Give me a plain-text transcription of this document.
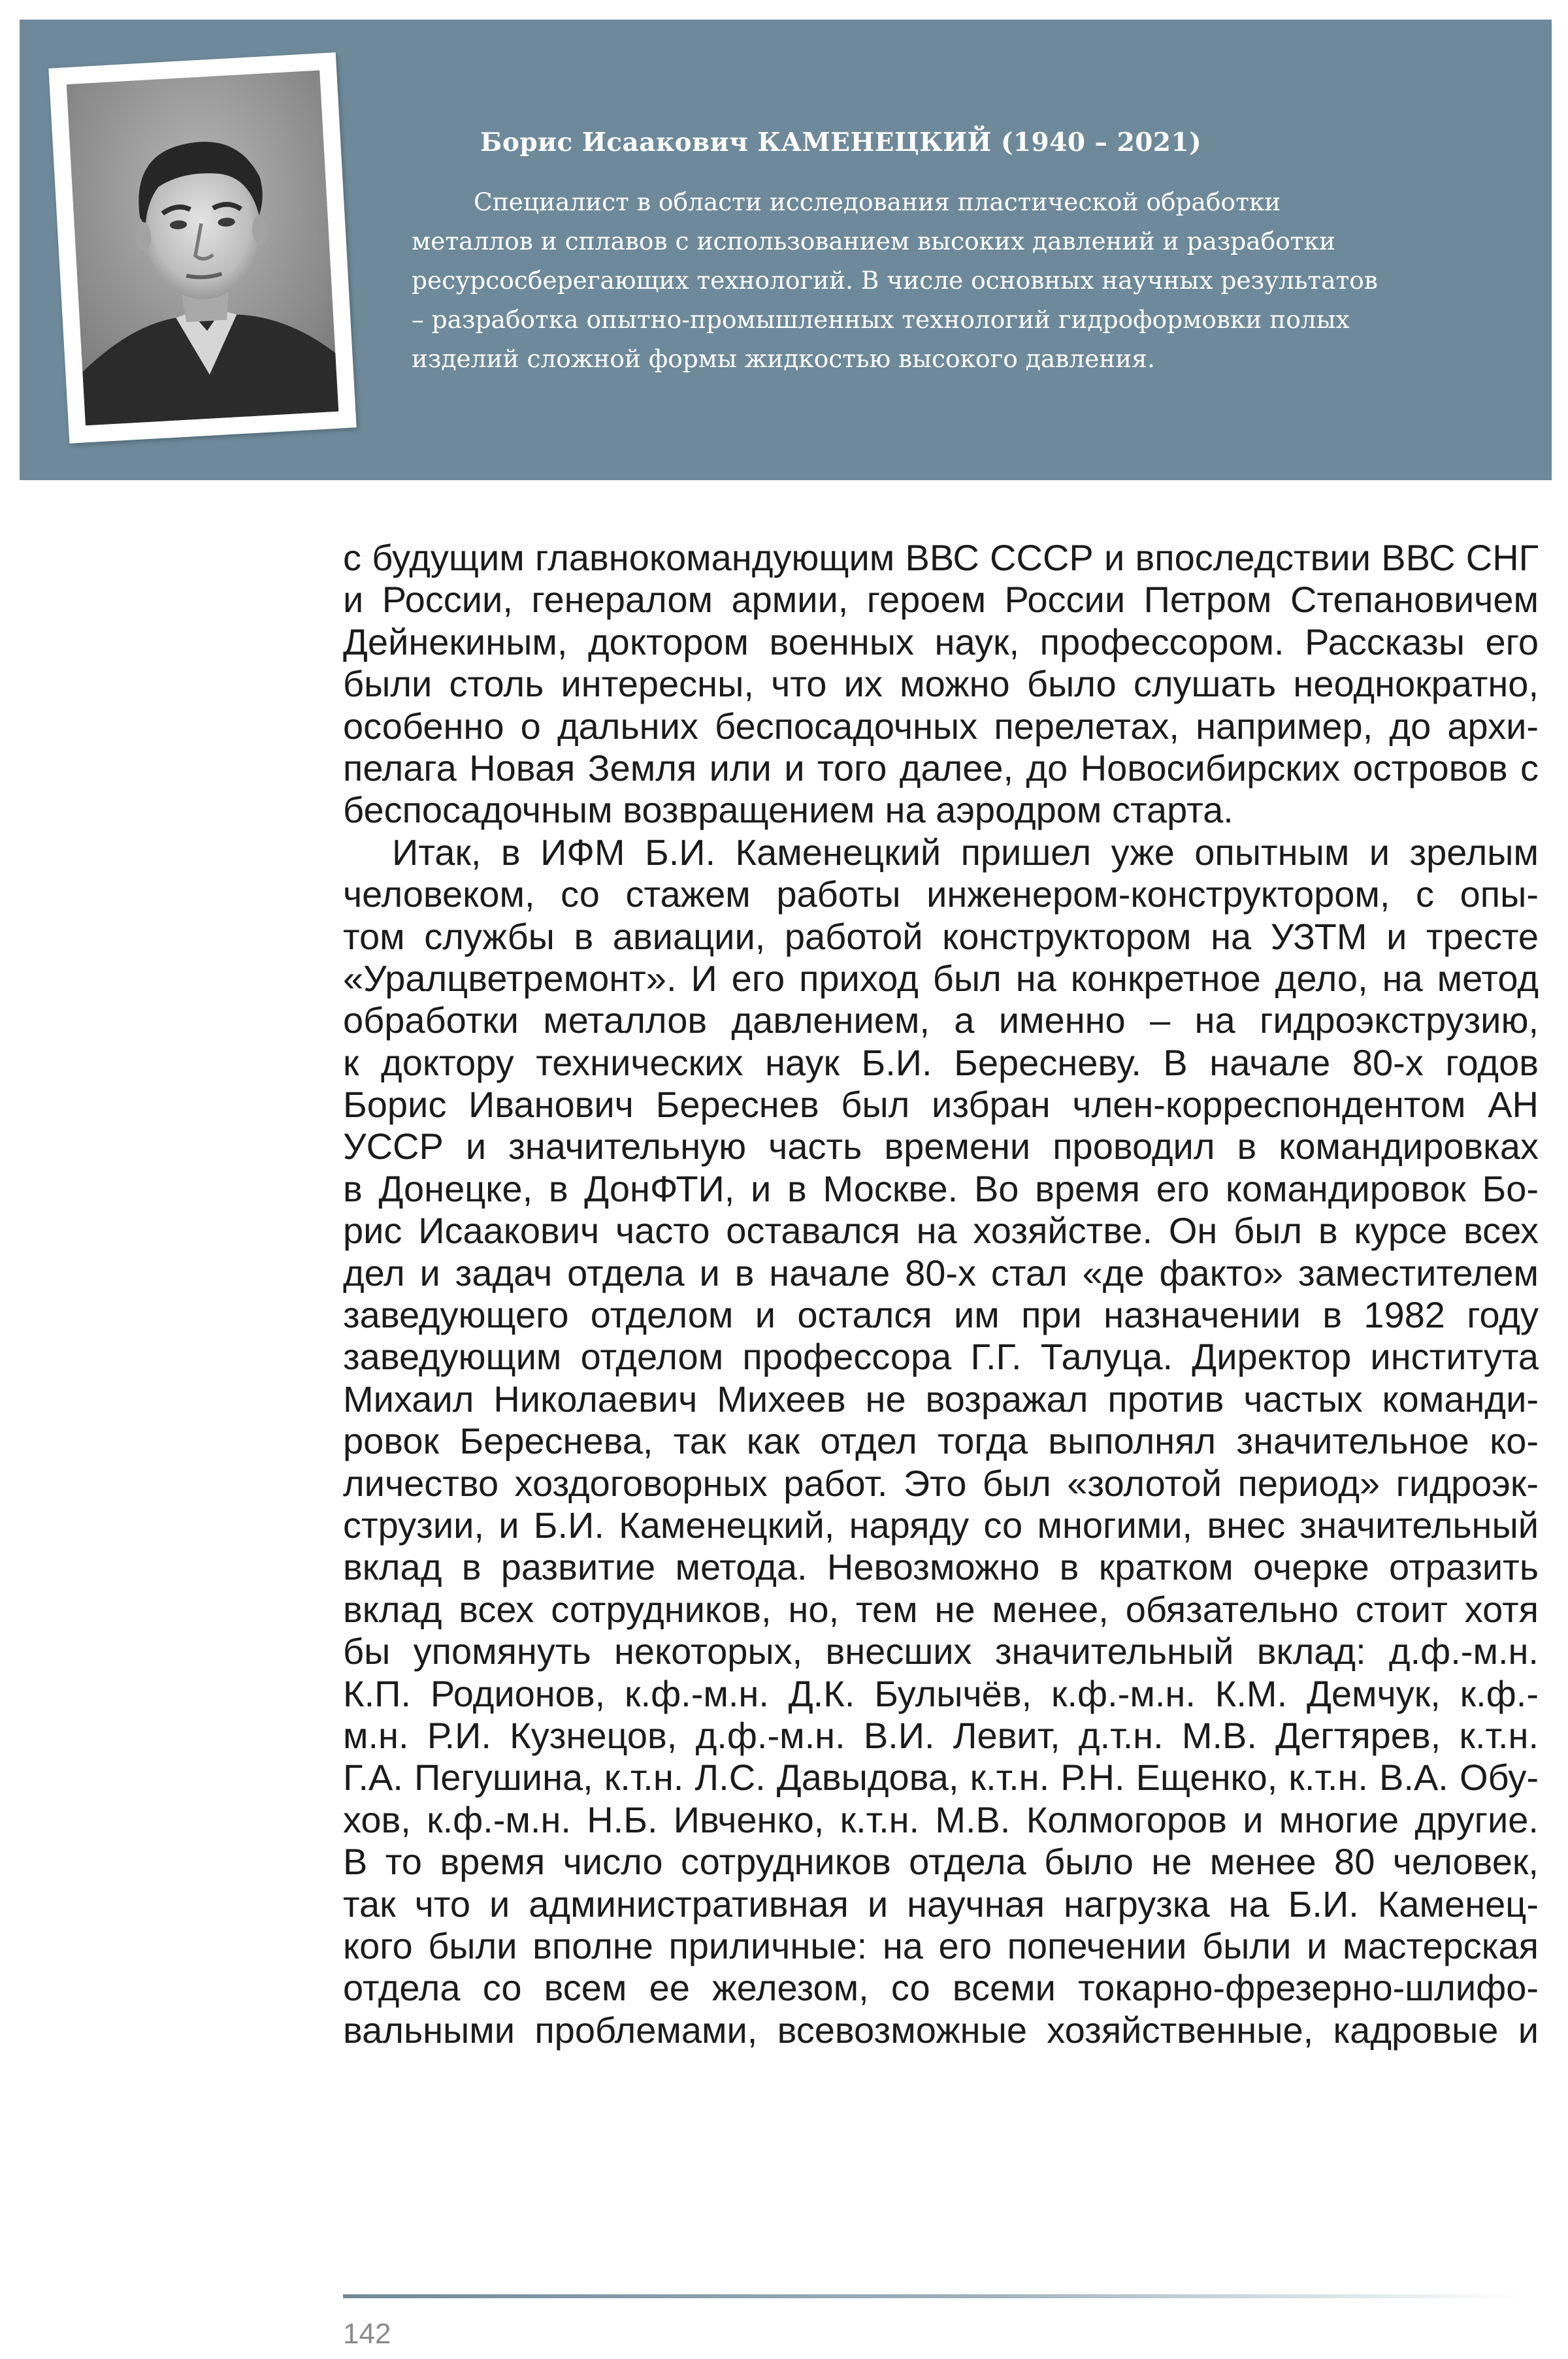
Борис Исаакович КАМЕНЕЦКИЙ (1940 – 2021)
Специалист в области исследования пластической обработки
металлов и сплавов с использованием высоких давлений и разработки
ресурсосберегающих технологий. В числе основных научных результатов
– разработка опытно-промышленных технологий гидроформовки полых
изделий сложной формы жидкостью высокого давления.
с будущим главнокомандующим ВВС СССР и впоследствии ВВС СНГ
и России, генералом армии, героем России Петром Степановичем
Дейнекиным, доктором военных наук, профессором. Рассказы его
были столь интересны, что их можно было слушать неоднократно,
особенно о дальних беспосадочных перелетах, например, до архи-
пелага Новая Земля или и того далее, до Новосибирских островов с
беспосадочным возвращением на аэродром старта.
Итак, в ИФМ Б.И. Каменецкий пришел уже опытным и зрелым
человеком, со стажем работы инженером-конструктором, с опы-
том службы в авиации, работой конструктором на УЗТМ и тресте
«Уралцветремонт». И его приход был на конкретное дело, на метод
обработки металлов давлением, а именно – на гидроэкструзию,
к доктору технических наук Б.И. Бересневу. В начале 80-х годов
Борис Иванович Береснев был избран член-корреспондентом АН
УССР и значительную часть времени проводил в командировках
в Донецке, в ДонФТИ, и в Москве. Во время его командировок Бо-
рис Исаакович часто оставался на хозяйстве. Он был в курсе всех
дел и задач отдела и в начале 80-х стал «де факто» заместителем
заведующего отделом и остался им при назначении в 1982 году
заведующим отделом профессора Г.Г. Талуца. Директор института
Михаил Николаевич Михеев не возражал против частых команди-
ровок Береснева, так как отдел тогда выполнял значительное ко-
личество хоздоговорных работ. Это был «золотой период» гидроэк-
струзии, и Б.И. Каменецкий, наряду со многими, внес значительный
вклад в развитие метода. Невозможно в кратком очерке отразить
вклад всех сотрудников, но, тем не менее, обязательно стоит хотя
бы упомянуть некоторых, внесших значительный вклад: д.ф.-м.н.
К.П. Родионов, к.ф.-м.н. Д.К. Булычёв, к.ф.-м.н. К.М. Демчук, к.ф.-
м.н. Р.И. Кузнецов, д.ф.-м.н. В.И. Левит, д.т.н. М.В. Дегтярев, к.т.н.
Г.А. Пегушина, к.т.н. Л.С. Давыдова, к.т.н. Р.Н. Ещенко, к.т.н. В.А. Обу-
хов, к.ф.-м.н. Н.Б. Ивченко, к.т.н. М.В. Колмогоров и многие другие.
В то время число сотрудников отдела было не менее 80 человек,
так что и административная и научная нагрузка на Б.И. Каменец-
кого были вполне приличные: на его попечении были и мастерская
отдела со всем ее железом, со всеми токарно-фрезерно-шлифо-
вальными проблемами, всевозможные хозяйственные, кадровые и
142
